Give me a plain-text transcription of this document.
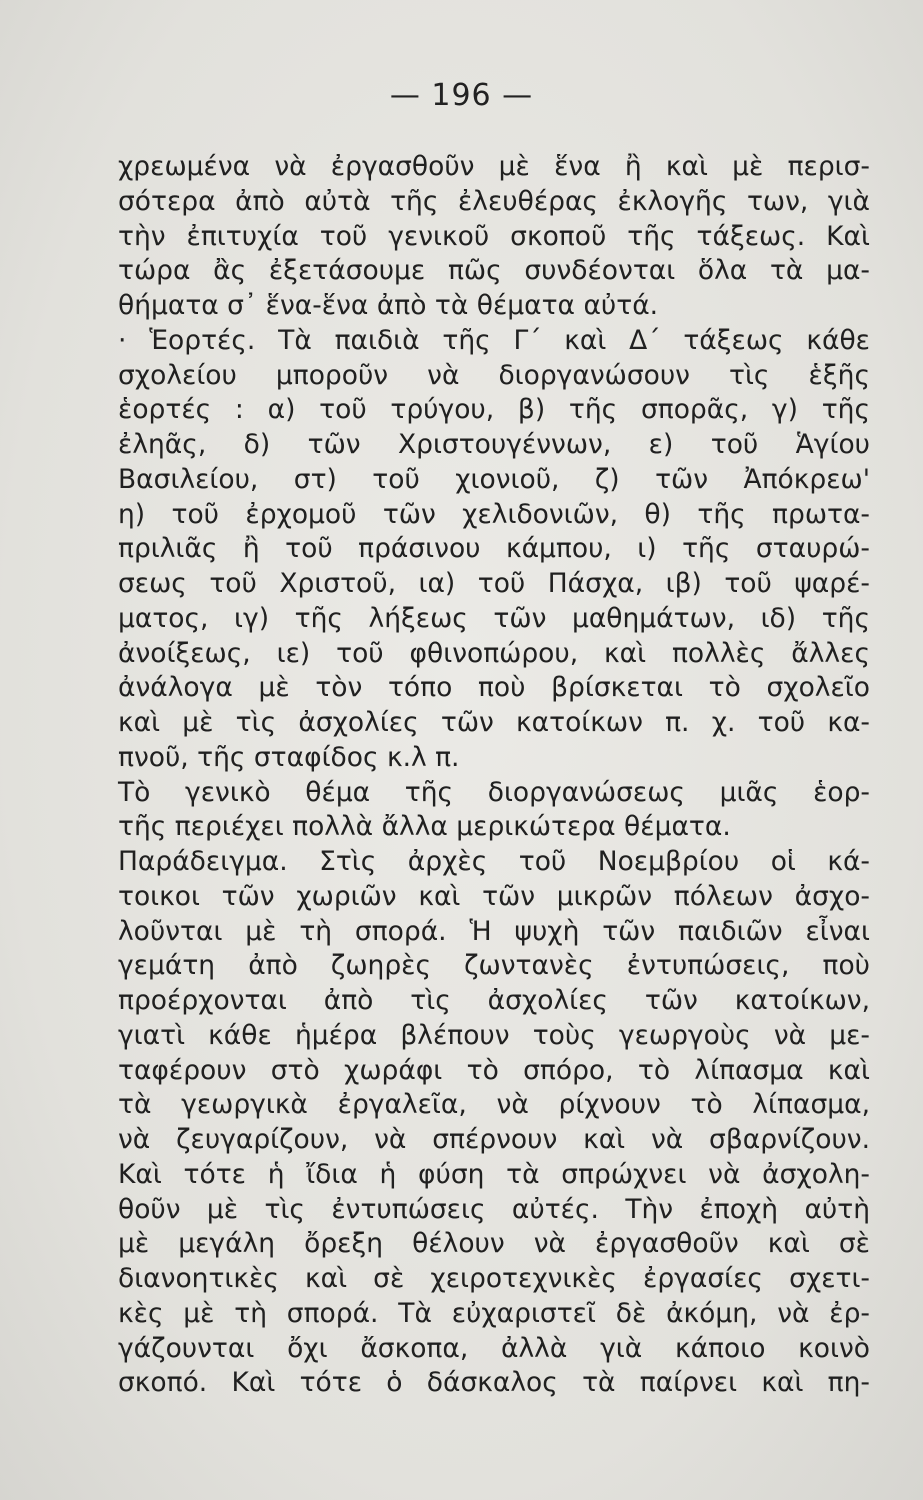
— 196 —
χρεωμένα νὰ ἐργασθοῦν μὲ ἕνα ἢ καὶ μὲ περισ-
σότερα ἀπὸ αὐτὰ τῆς ἐλευθέρας ἐκλογῆς των, γιὰ
τὴν ἐπιτυχία τοῦ γενικοῦ σκοποῦ τῆς τάξεως. Καὶ
τώρα ἂς ἐξετάσουμε πῶς συνδέονται ὅλα τὰ μα-
θήματα σ᾽ ἕνα-ἕνα ἀπὸ τὰ θέματα αὐτά.
· Ἑορτές. Τὰ παιδιὰ τῆς Γ΄ καὶ Δ΄ τάξεως κάθε
σχολείου μποροῦν νὰ διοργανώσουν τὶς ἑξῆς
ἑορτές : α) τοῦ τρύγου, β) τῆς σπορᾶς, γ) τῆς
ἐληᾶς, δ) τῶν Χριστουγέννων, ε) τοῦ Ἁγίου
Βασιλείου, στ) τοῦ χιονιοῦ, ζ) τῶν Ἀπόκρεω'
η) τοῦ ἐρχομοῦ τῶν χελιδονιῶν, θ) τῆς πρωτα-
πριλιᾶς ἢ τοῦ πράσινου κάμπου, ι) τῆς σταυρώ-
σεως τοῦ Χριστοῦ, ια) τοῦ Πάσχα, ιβ) τοῦ ψαρέ-
ματος, ιγ) τῆς λήξεως τῶν μαθημάτων, ιδ) τῆς
ἀνοίξεως, ιε) τοῦ φθινοπώρου, καὶ πολλὲς ἄλλες
ἀνάλογα μὲ τὸν τόπο ποὺ βρίσκεται τὸ σχολεῖο
καὶ μὲ τὶς ἀσχολίες τῶν κατοίκων π. χ. τοῦ κα-
πνοῦ, τῆς σταφίδος κ.λ π.
Τὸ γενικὸ θέμα τῆς διοργανώσεως μιᾶς ἑορ-
τῆς περιέχει πολλὰ ἄλλα μερικώτερα θέματα.
Παράδειγμα. Στὶς ἀρχὲς τοῦ Νοεμβρίου οἱ κά-
τοικοι τῶν χωριῶν καὶ τῶν μικρῶν πόλεων ἀσχο-
λοῦνται μὲ τὴ σπορά. Ἡ ψυχὴ τῶν παιδιῶν εἶναι
γεμάτη ἀπὸ ζωηρὲς ζωντανὲς ἐντυπώσεις, ποὺ
προέρχονται ἀπὸ τὶς ἀσχολίες τῶν κατοίκων,
γιατὶ κάθε ἡμέρα βλέπουν τοὺς γεωργοὺς νὰ με-
ταφέρουν στὸ χωράφι τὸ σπόρο, τὸ λίπασμα καὶ
τὰ γεωργικὰ ἐργαλεῖα, νὰ ρίχνουν τὸ λίπασμα,
νὰ ζευγαρίζουν, νὰ σπέρνουν καὶ νὰ σβαρνίζουν.
Καὶ τότε ἡ ἴδια ἡ φύση τὰ σπρώχνει νὰ ἀσχολη-
θοῦν μὲ τὶς ἐντυπώσεις αὐτές. Τὴν ἐποχὴ αὐτὴ
μὲ μεγάλη ὄρεξη θέλουν νὰ ἐργασθοῦν καὶ σὲ
διανοητικὲς καὶ σὲ χειροτεχνικὲς ἐργασίες σχετι-
κὲς μὲ τὴ σπορά. Τὰ εὐχαριστεῖ δὲ ἀκόμη, νὰ ἐρ-
γάζουνται ὄχι ἄσκοπα, ἀλλὰ γιὰ κάποιο κοινὸ
σκοπό. Καὶ τότε ὁ δάσκαλος τὰ παίρνει καὶ πη-
